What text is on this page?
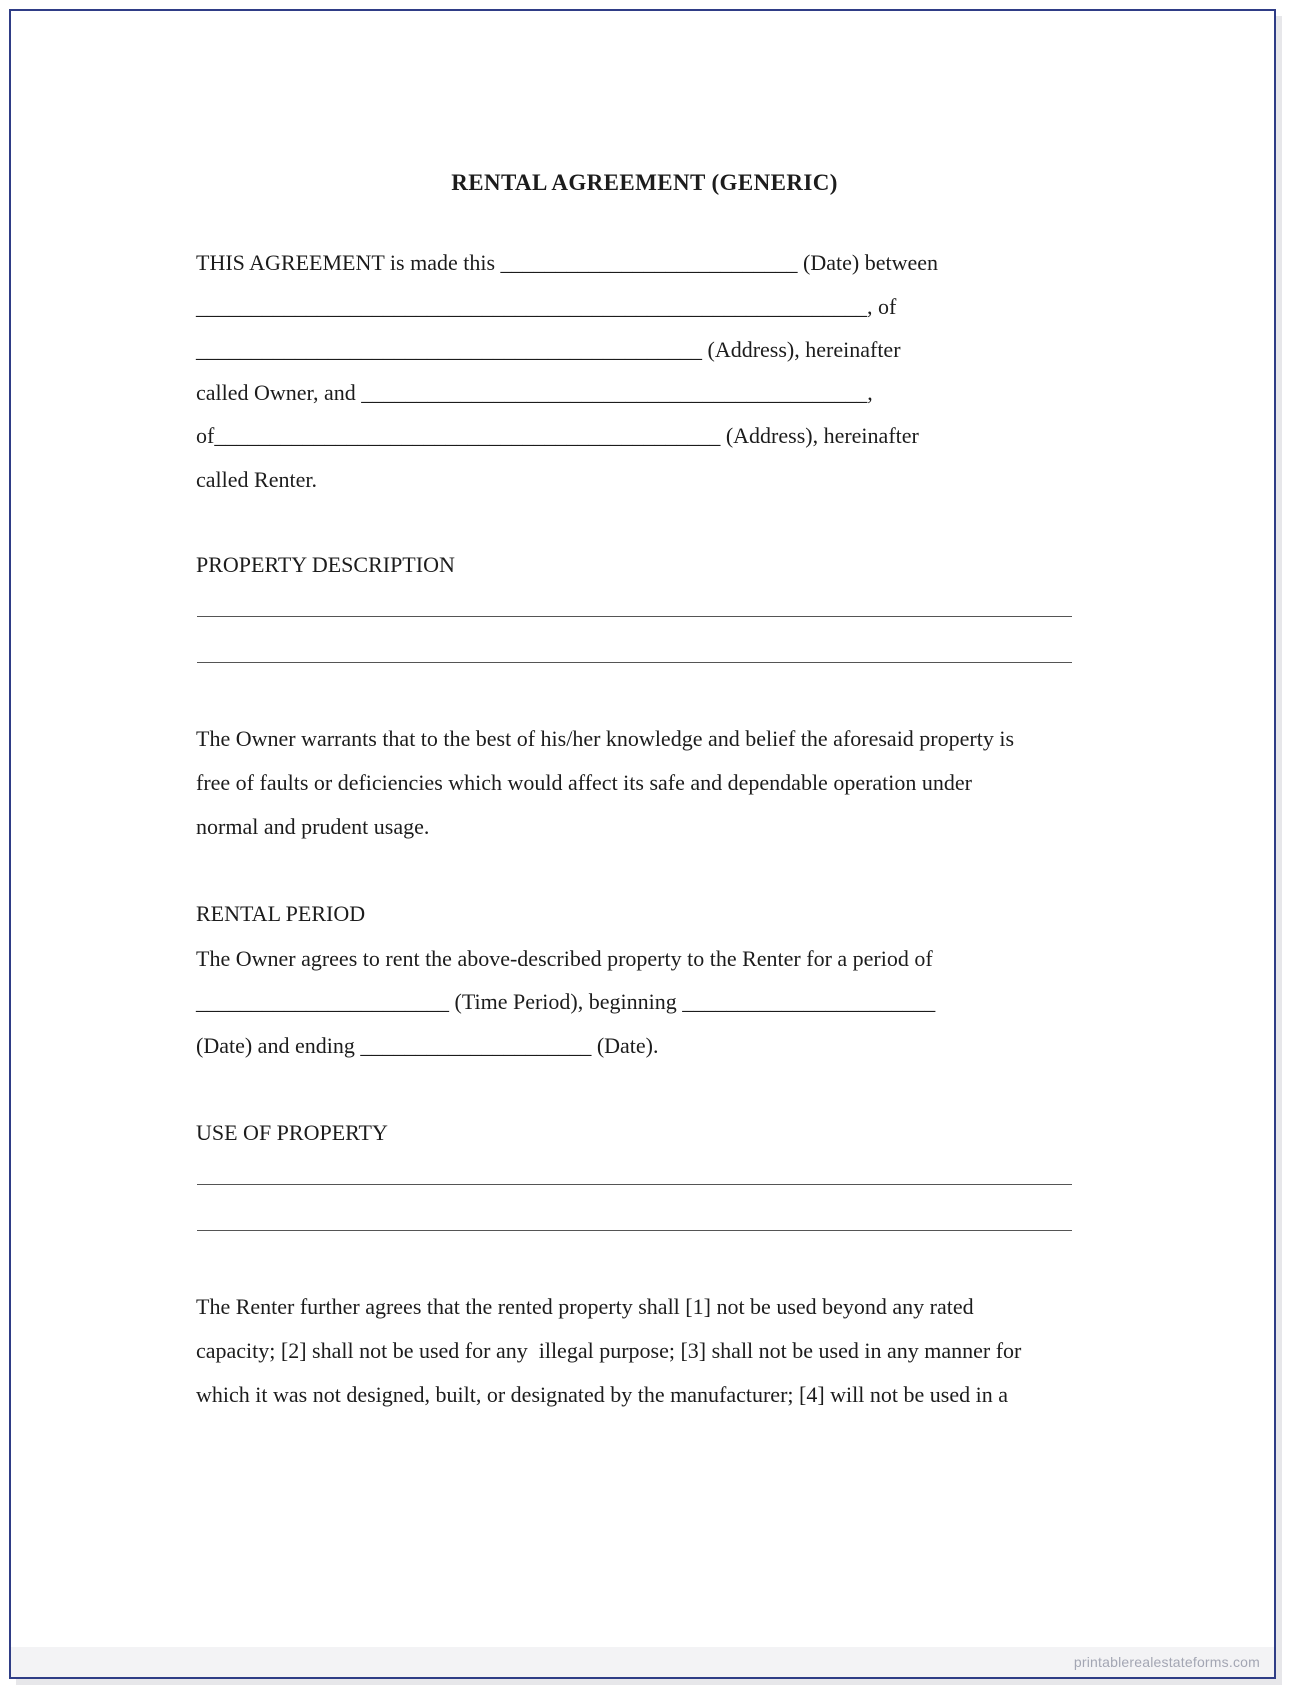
RENTAL AGREEMENT (GENERIC)

THIS AGREEMENT is made this ___________________________ (Date) between

_____________________________________________________________, of

______________________________________________ (Address), hereinafter

called Owner, and ______________________________________________,

of______________________________________________ (Address), hereinafter

called Renter.

PROPERTY DESCRIPTION

The Owner warrants that to the best of his/her knowledge and belief the aforesaid property is

free of faults or deficiencies which would affect its safe and dependable operation under

normal and prudent usage.

RENTAL PERIOD

The Owner agrees to rent the above-described property to the Renter for a period of

_______________________ (Time Period), beginning _______________________

(Date) and ending _____________________ (Date).

USE OF PROPERTY

The Renter further agrees that the rented property shall [1] not be used beyond any rated

capacity; [2] shall not be used for any  illegal purpose; [3] shall not be used in any manner for

which it was not designed, built, or designated by the manufacturer; [4] will not be used in a

printablerealestateforms.com
